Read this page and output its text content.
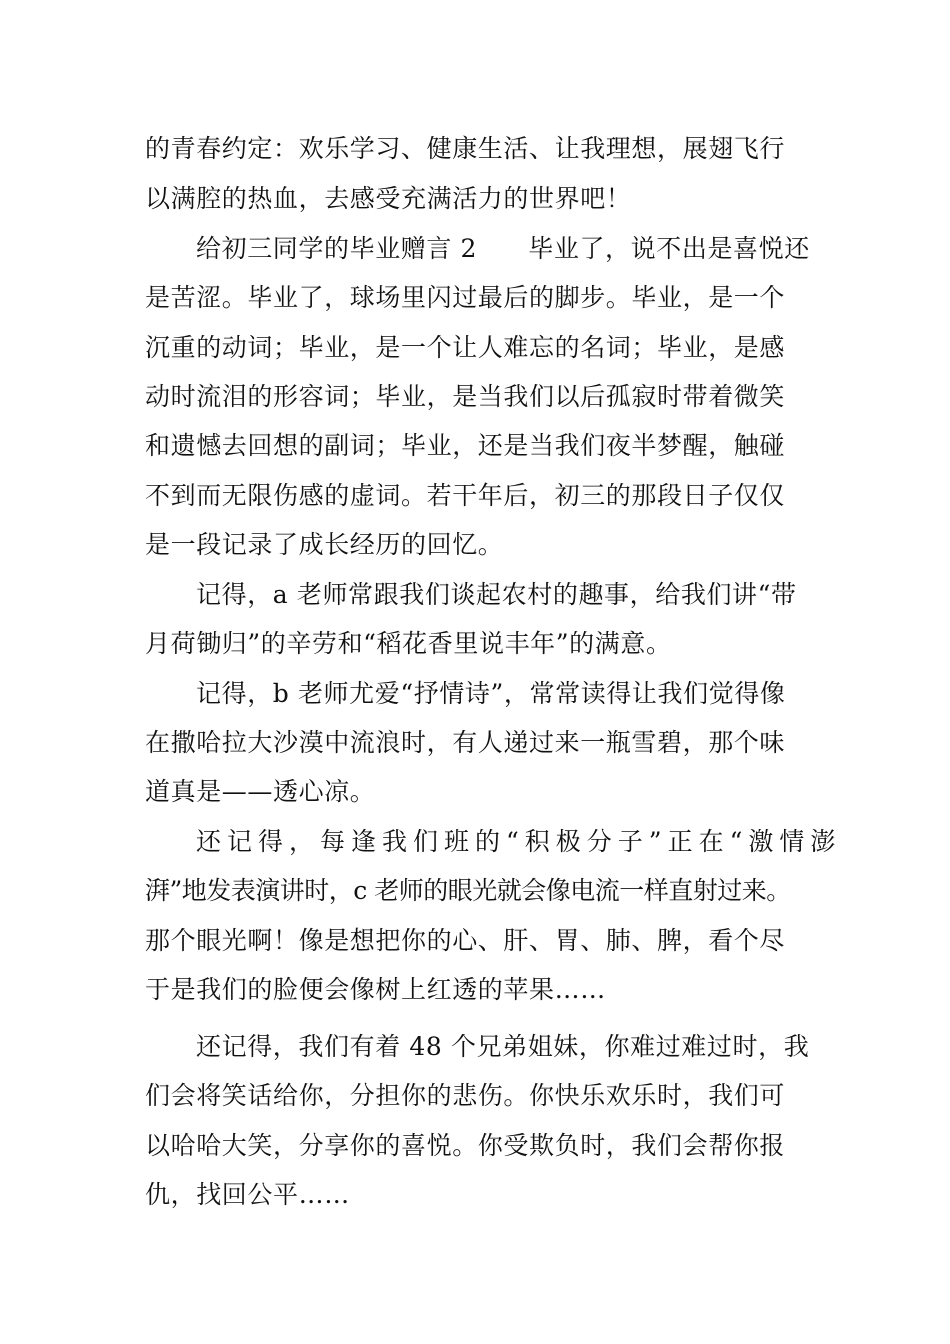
的青春约定：欢乐学习、健康生活、让我理想，展翅飞行
以满腔的热血，去感受充满活力的世界吧！
给初三同学的毕业赠言 2　　毕业了，说不出是喜悦还
是苦涩。毕业了，球场里闪过最后的脚步。毕业，是一个
沉重的动词；毕业，是一个让人难忘的名词；毕业，是感
动时流泪的形容词；毕业，是当我们以后孤寂时带着微笑
和遗憾去回想的副词；毕业，还是当我们夜半梦醒，触碰
不到而无限伤感的虚词。若干年后，初三的那段日子仅仅
是一段记录了成长经历的回忆。
记得，a 老师常跟我们谈起农村的趣事，给我们讲“带
月荷锄归”的辛劳和“稻花香里说丰年”的满意。
记得，b 老师尤爱“抒情诗”，常常读得让我们觉得像
在撒哈拉大沙漠中流浪时，有人递过来一瓶雪碧，那个味
道真是——透心凉。
还记得，每逢我们班的“积极分子”正在“激情澎
湃”地发表演讲时，c 老师的眼光就会像电流一样直射过来。
那个眼光啊！像是想把你的心、肝、胃、肺、脾，看个尽
于是我们的脸便会像树上红透的苹果……
还记得，我们有着 48 个兄弟姐妹，你难过难过时，我
们会将笑话给你，分担你的悲伤。你快乐欢乐时，我们可
以哈哈大笑，分享你的喜悦。你受欺负时，我们会帮你报
仇，找回公平……
